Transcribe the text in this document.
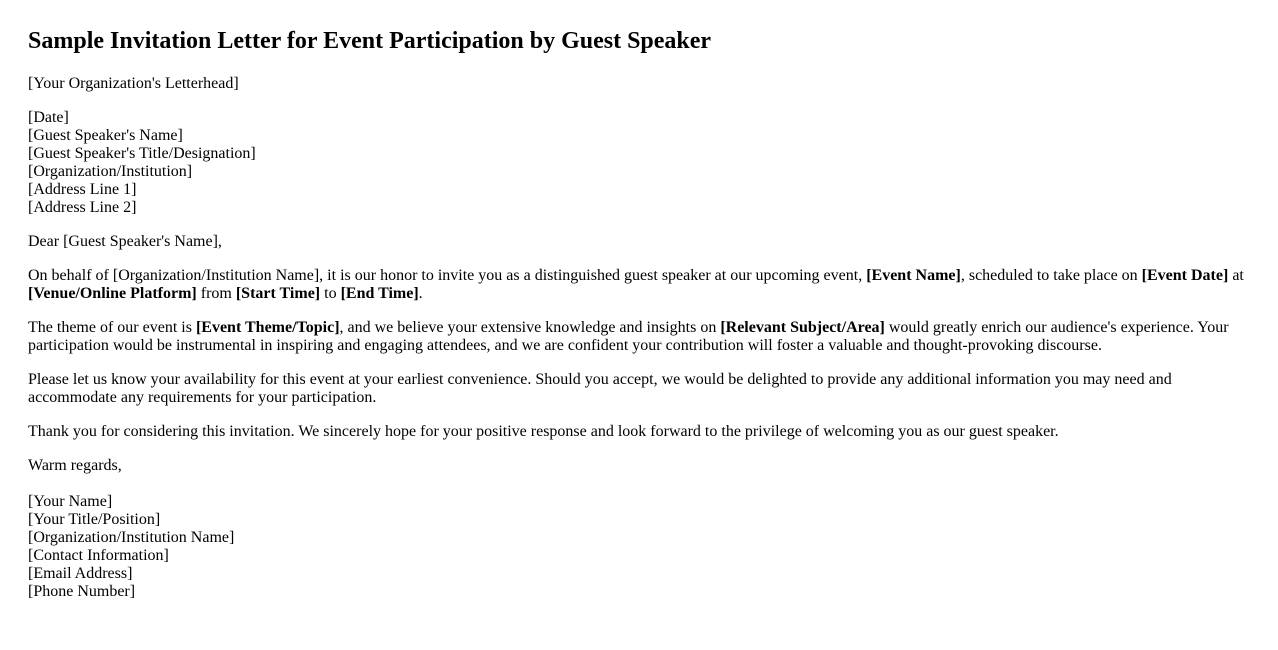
Sample Invitation Letter for Event Participation by Guest Speaker

[Your Organization's Letterhead]

[Date]
[Guest Speaker's Name]
[Guest Speaker's Title/Designation]
[Organization/Institution]
[Address Line 1]
[Address Line 2]

Dear [Guest Speaker's Name],

On behalf of [Organization/Institution Name], it is our honor to invite you as a distinguished guest speaker at our upcoming event, [Event Name], scheduled to take place on [Event Date] at [Venue/Online Platform] from [Start Time] to [End Time].

The theme of our event is [Event Theme/Topic], and we believe your extensive knowledge and insights on [Relevant Subject/Area] would greatly enrich our audience's experience. Your participation would be instrumental in inspiring and engaging attendees, and we are confident your contribution will foster a valuable and thought-provoking discourse.

Please let us know your availability for this event at your earliest convenience. Should you accept, we would be delighted to provide any additional information you may need and accommodate any requirements for your participation.

Thank you for considering this invitation. We sincerely hope for your positive response and look forward to the privilege of welcoming you as our guest speaker.

Warm regards,

[Your Name]
[Your Title/Position]
[Organization/Institution Name]
[Contact Information]
[Email Address]
[Phone Number]
